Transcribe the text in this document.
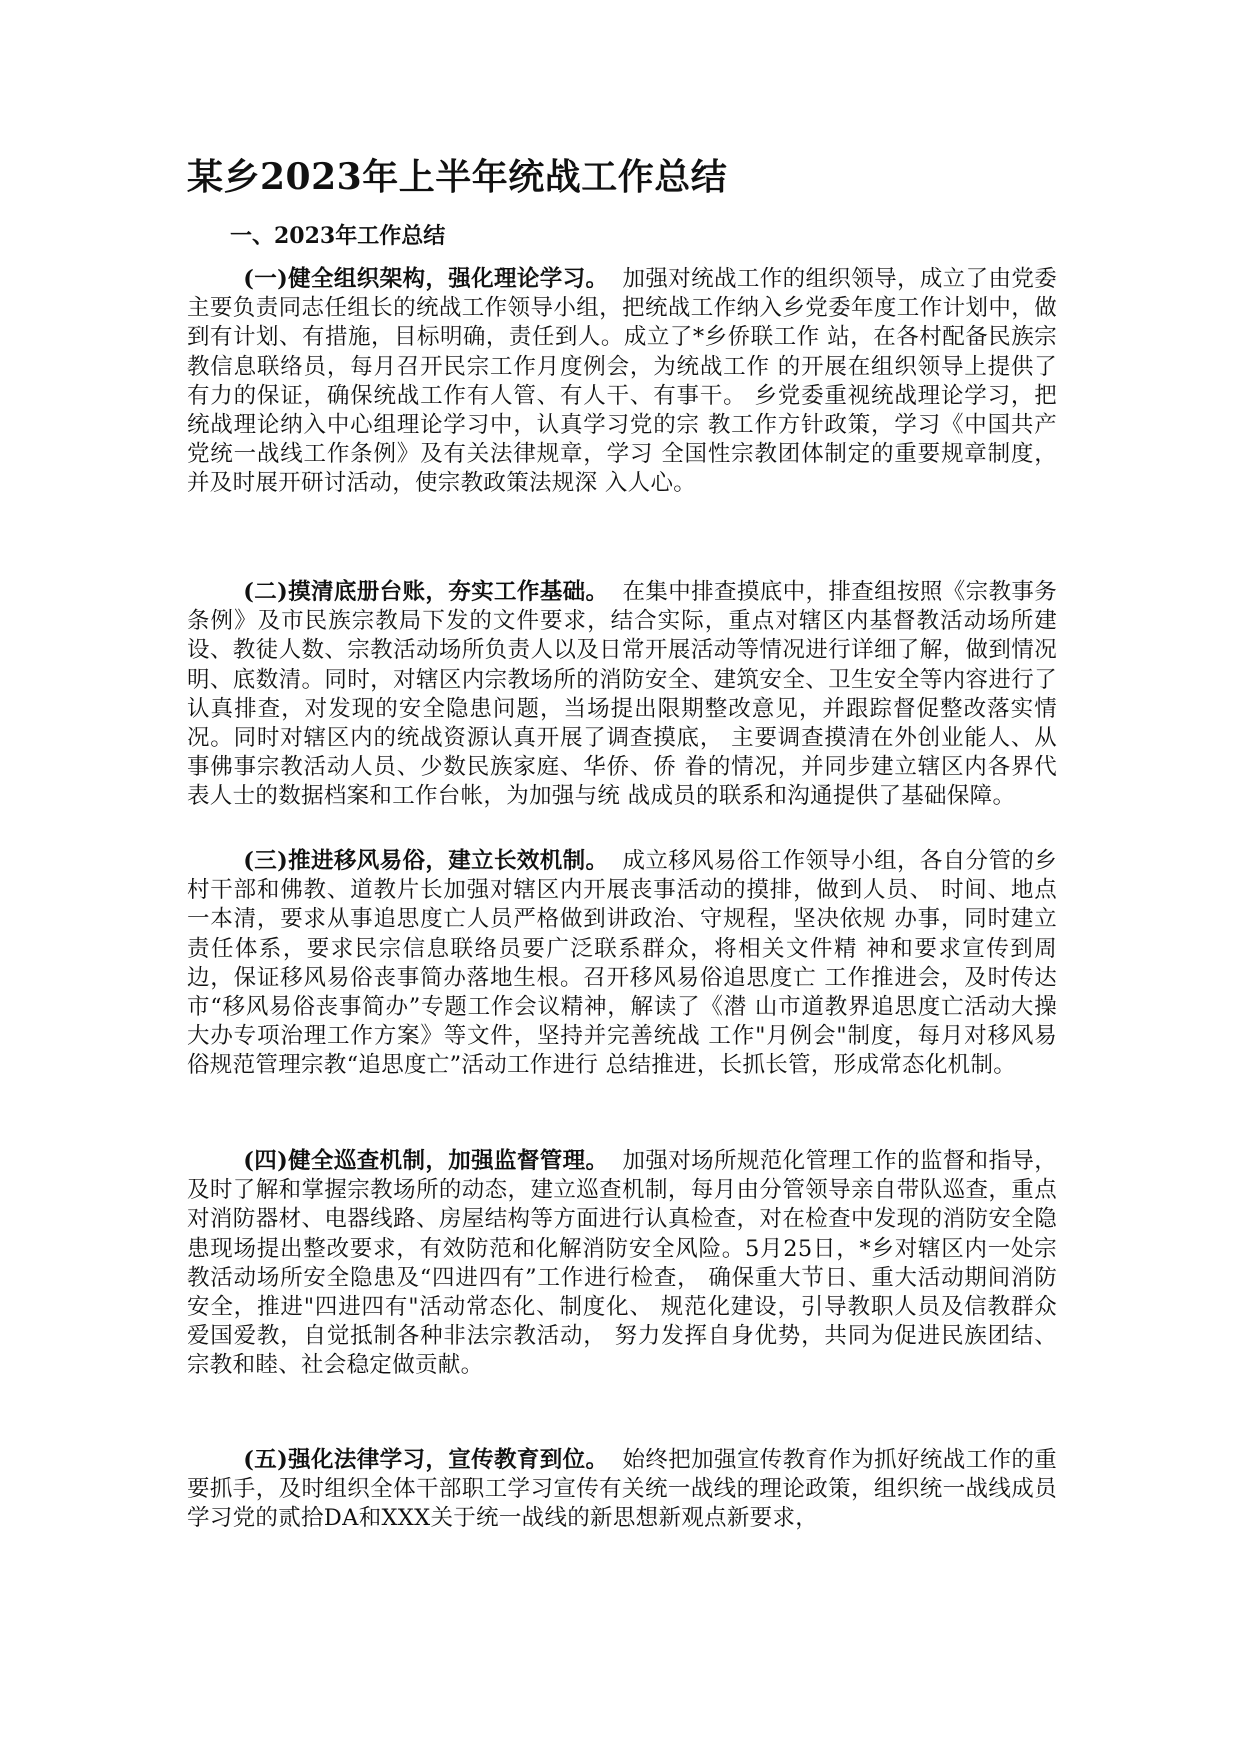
某乡2023年上半年统战工作总结
一、2023年工作总结

(一)健全组织架构，强化理论学习。 加强对统战工作的组织领导，成立了由党委主要负责同志任组长的统战工作领导小组，把统战工作纳入乡党委年度工作计划中，做到有计划、有措施，目标明确，责任到人。成立了*乡侨联工作 站，在各村配备民族宗教信息联络员，每月召开民宗工作月度例会，为统战工作 的开展在组织领导上提供了有力的保证，确保统战工作有人管、有人干、有事干。 乡党委重视统战理论学习，把统战理论纳入中心组理论学习中，认真学习党的宗 教工作方针政策，学习《中国共产党统一战线工作条例》及有关法律规章，学习 全国性宗教团体制定的重要规章制度，并及时展开研讨活动，使宗教政策法规深 入人心。

(二)摸清底册台账，夯实工作基础。 在集中排查摸底中，排查组按照《宗教事务条例》及市民族宗教局下发的文件要求，结合实际，重点对辖区内基督教活动场所建设、教徒人数、宗教活动场所负责人以及日常开展活动等情况进行详细了解，做到情况明、底数清。同时，对辖区内宗教场所的消防安全、建筑安全、卫生安全等内容进行了认真排查，对发现的安全隐患问题，当场提出限期整改意见，并跟踪督促整改落实情况。同时对辖区内的统战资源认真开展了调查摸底， 主要调查摸清在外创业能人、从事佛事宗教活动人员、少数民族家庭、华侨、侨 眷的情况，并同步建立辖区内各界代表人士的数据档案和工作台帐，为加强与统 战成员的联系和沟通提供了基础保障。

(三)推进移风易俗，建立长效机制。 成立移风易俗工作领导小组，各自分管的乡村干部和佛教、道教片长加强对辖区内开展丧事活动的摸排，做到人员、 时间、地点一本清，要求从事追思度亡人员严格做到讲政治、守规程，坚决依规 办事，同时建立责任体系，要求民宗信息联络员要广泛联系群众，将相关文件精 神和要求宣传到周边，保证移风易俗丧事简办落地生根。召开移风易俗追思度亡 工作推进会，及时传达市“移风易俗丧事简办”专题工作会议精神，解读了《潜 山市道教界追思度亡活动大操大办专项治理工作方案》等文件，坚持并完善统战 工作"月例会"制度，每月对移风易俗规范管理宗教“追思度亡”活动工作进行 总结推进，长抓长管，形成常态化机制。

(四)健全巡查机制，加强监督管理。 加强对场所规范化管理工作的监督和指导，及时了解和掌握宗教场所的动态，建立巡查机制，每月由分管领导亲自带队巡查，重点对消防器材、电器线路、房屋结构等方面进行认真检查，对在检查中发现的消防安全隐患现场提出整改要求，有效防范和化解消防安全风险。5月25日，*乡对辖区内一处宗教活动场所安全隐患及“四进四有”工作进行检查， 确保重大节日、重大活动期间消防安全，推进"四进四有"活动常态化、制度化、 规范化建设，引导教职人员及信教群众爱国爱教，自觉抵制各种非法宗教活动， 努力发挥自身优势，共同为促进民族团结、宗教和睦、社会稳定做贡献。

(五)强化法律学习，宣传教育到位。 始终把加强宣传教育作为抓好统战工作的重要抓手，及时组织全体干部职工学习宣传有关统一战线的理论政策，组织统一战线成员学习党的贰拾DA和XXX关于统一战线的新思想新观点新要求，
